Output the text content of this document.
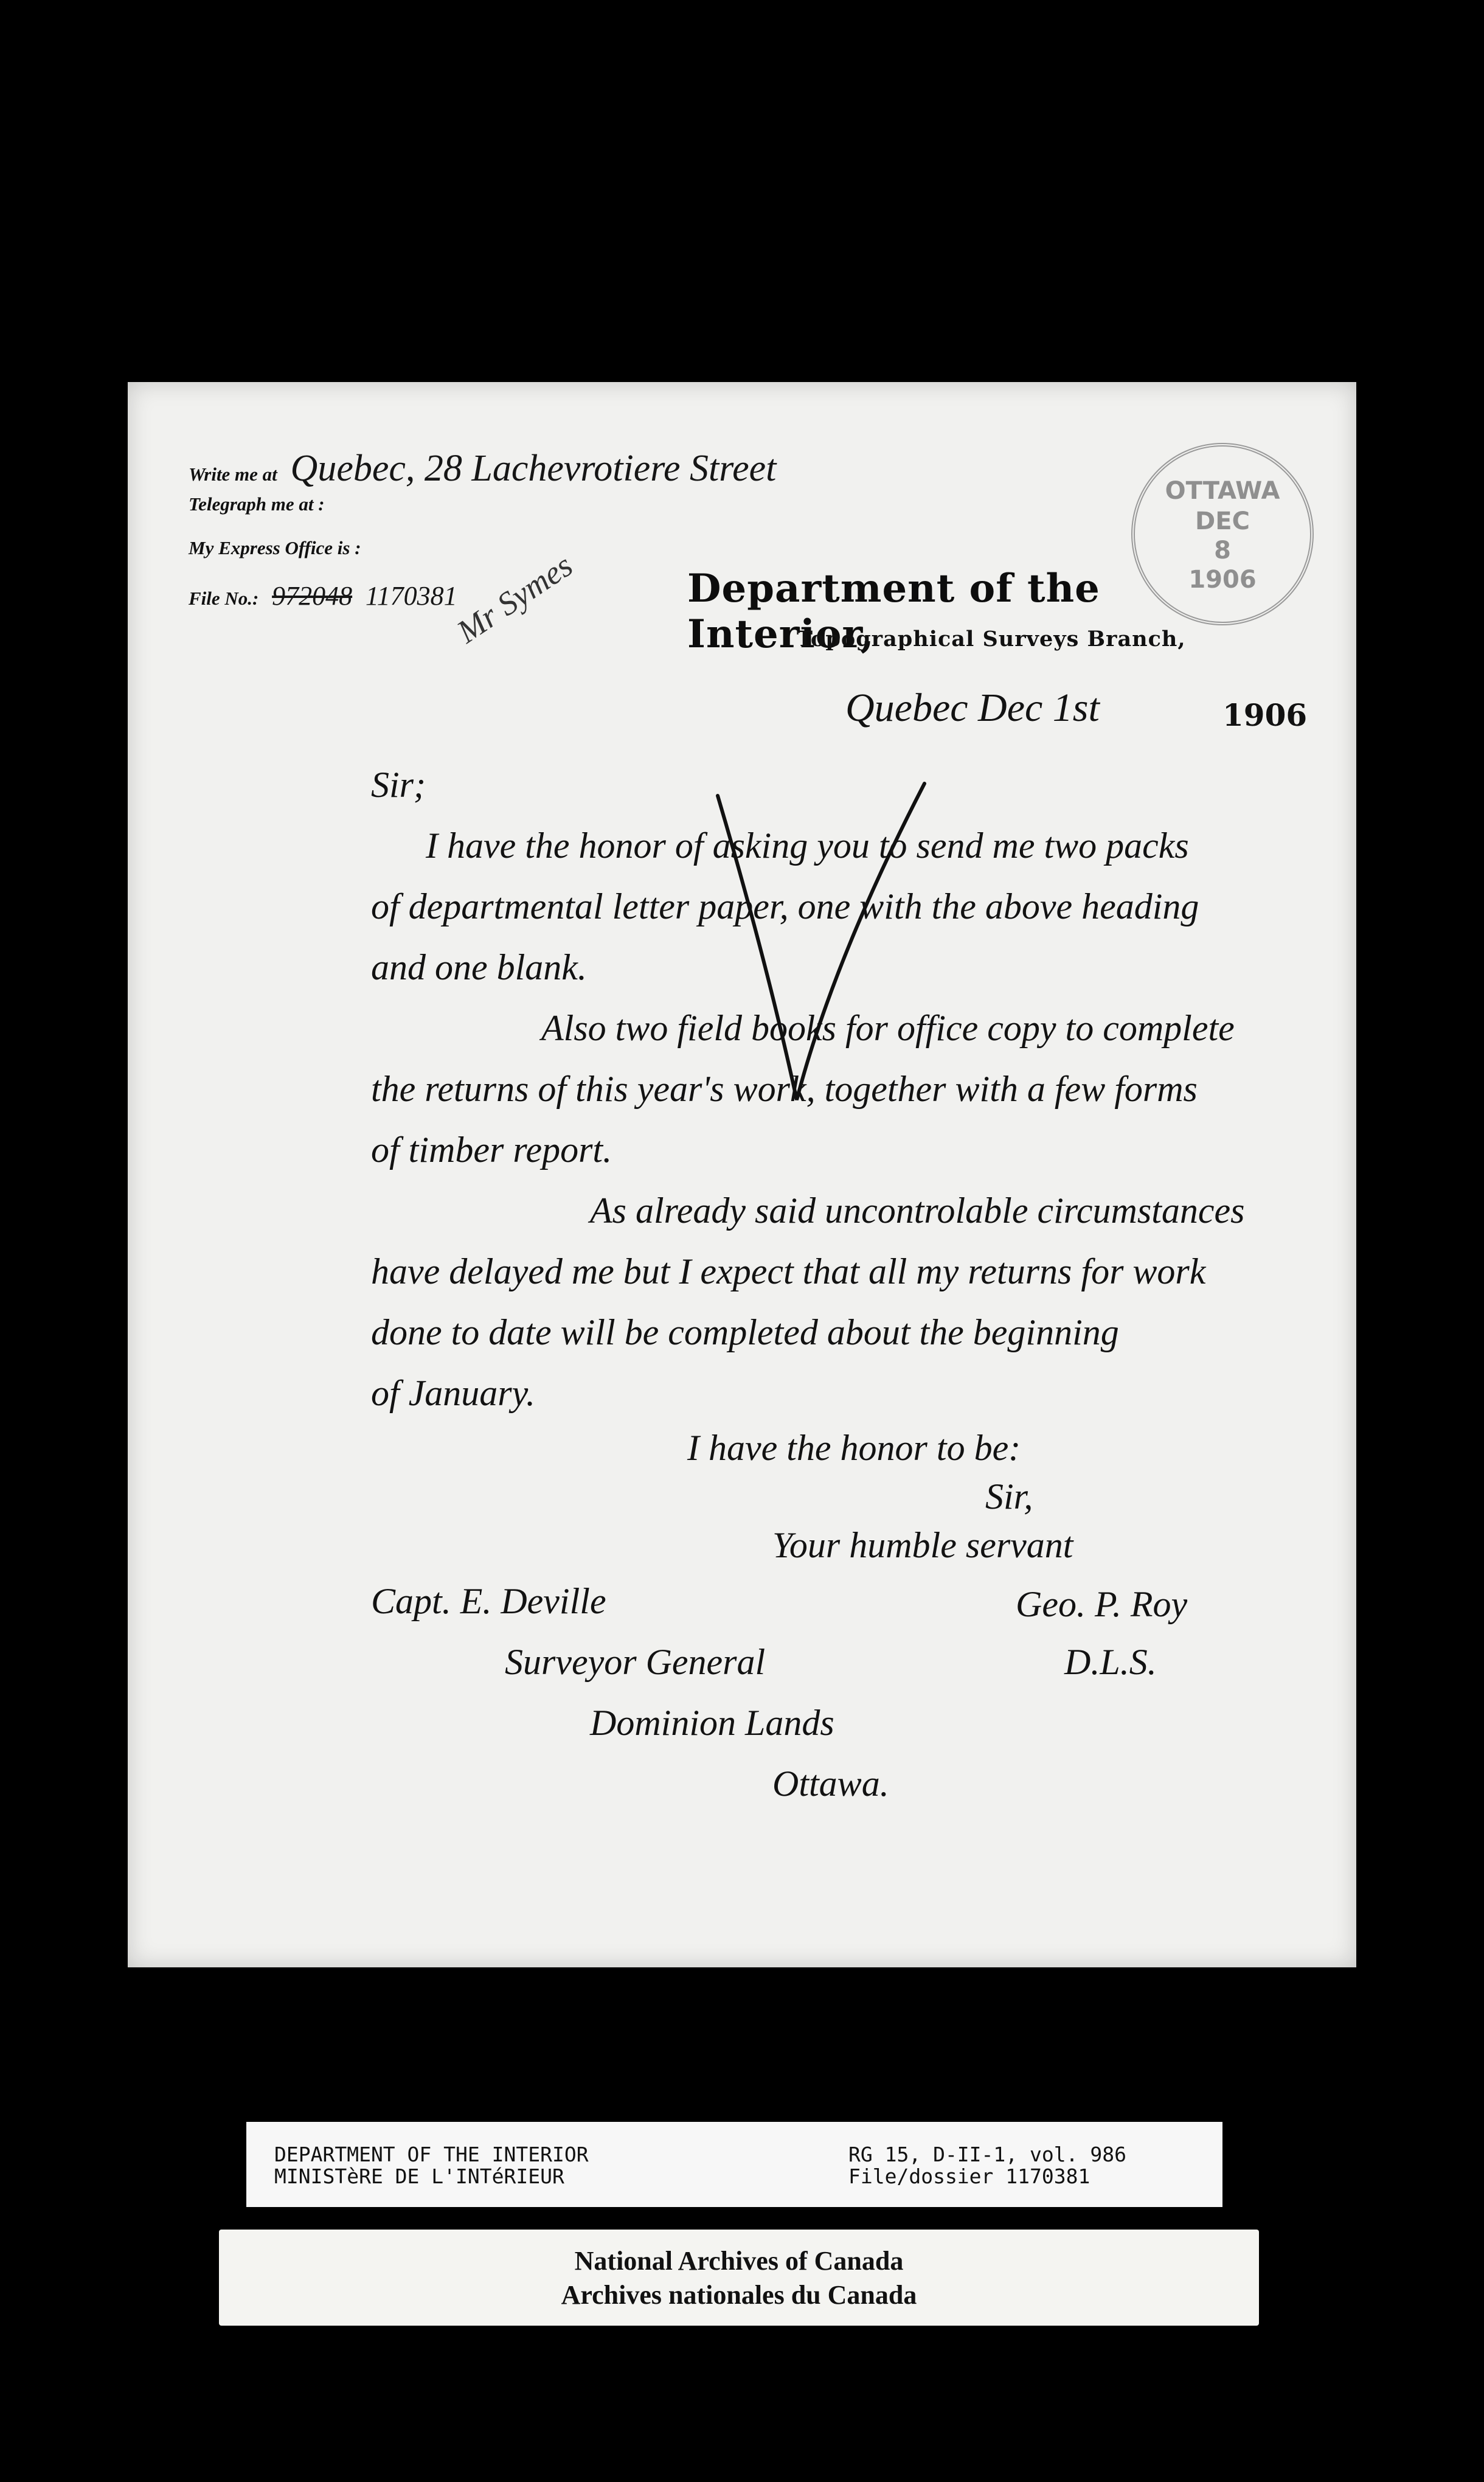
Write me at Quebec, 28 Lachevrotiere Street
Telegraph me at :
My Express Office is :
File No.: 972048 1170381	Department of the Interior,
Topographical Surveys Branch,
OTTAWA
DEC
8
1906
Mr Symes
Quebec Dec 1st	1906
Sir;
I have the honor of asking you to send me two packs
of departmental letter paper, one with the above heading
and one blank.
Also two field books for office copy to complete
the returns of this year's work, together with a few forms
of timber report.
As already said uncontrolable circumstances
have delayed me but I expect that all my returns for work
done to date will be completed about the beginning
of January.
I have the honor to be:
Sir,
Your humble servant
Capt. E. Deville
Surveyor General
Dominion Lands
Ottawa.
Geo. P. Roy
D.L.S.
DEPARTMENT OF THE INTERIOR
MINISTèRE DE L'INTéRIEUR
RG 15, D-II-1, vol. 986
File/dossier 1170381
National Archives of Canada
Archives nationales du Canada
